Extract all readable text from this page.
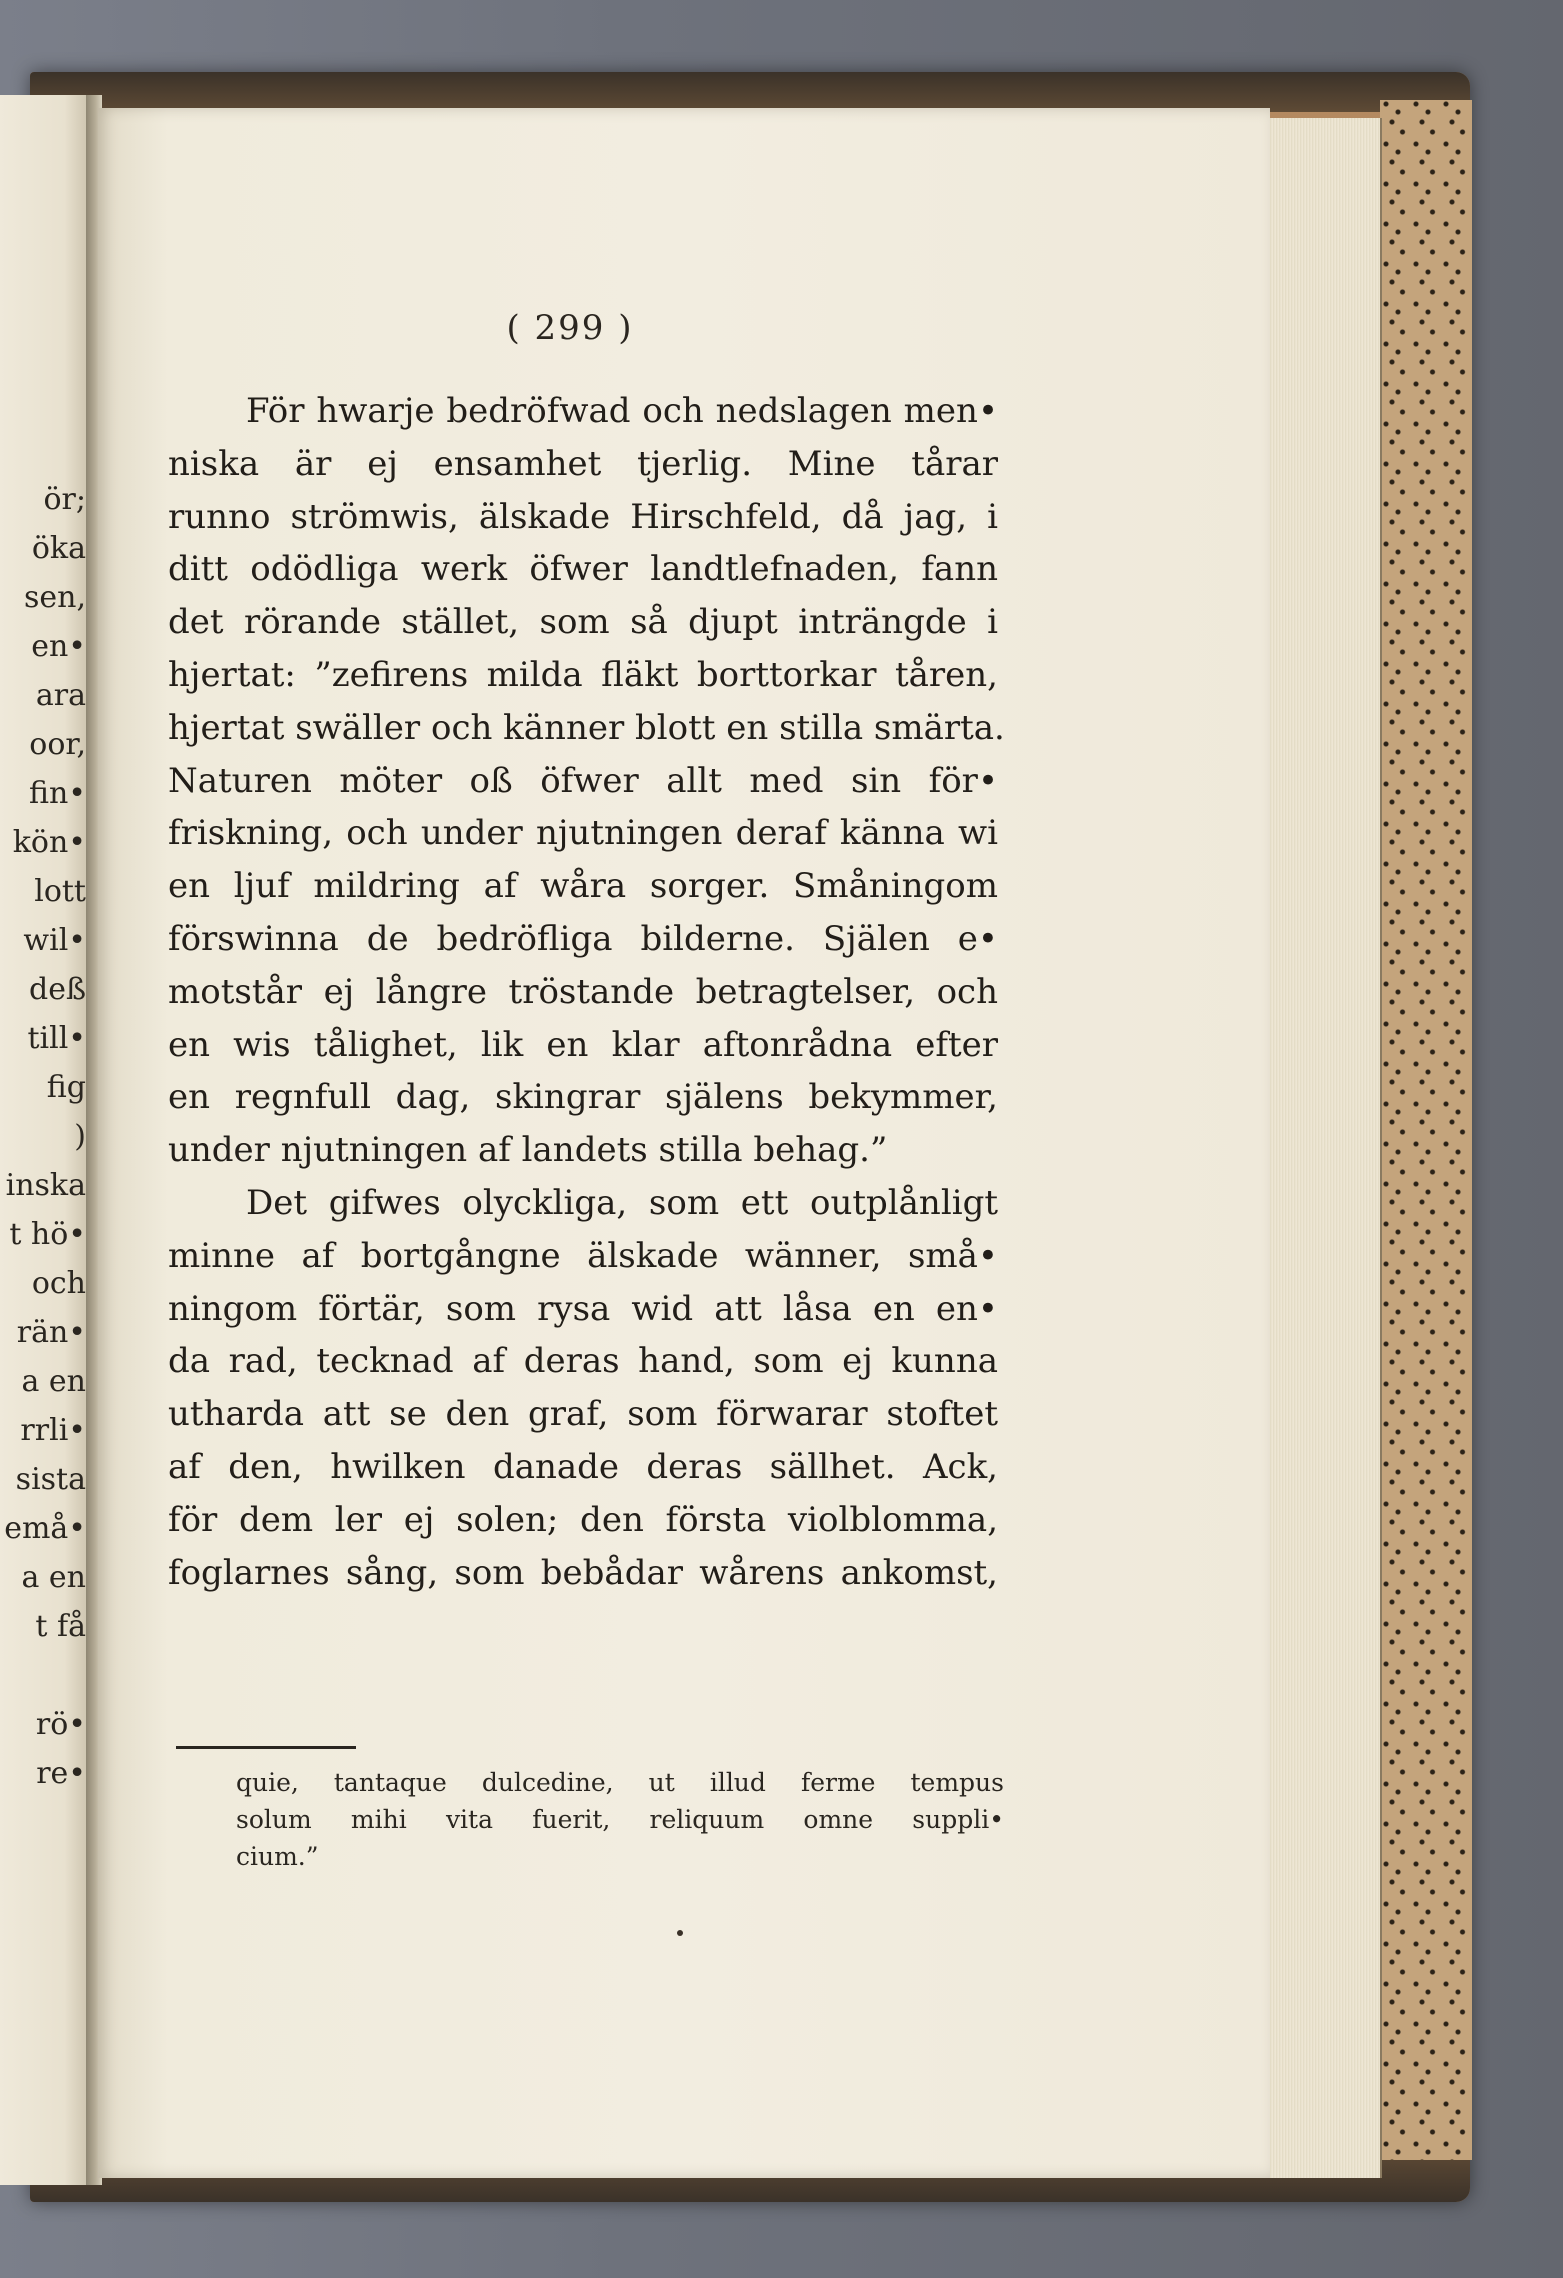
ör;
öka
sen,
en•
ara
oor,
fin•
kön•
lott
wil•
deß
till•
fig
)
inska
t hö•
och
rän•
a en
rrli•
sista
emå•
a en
t få

rö•
re•
( 299 )
För hwarje bedröfwad och nedslagen men•
niska är ej ensamhet tjerlig. Mine tårar
runno strömwis, älskade Hirschfeld, då jag, i
ditt odödliga werk öfwer landtlefnaden, fann
det rörande stället, som så djupt inträngde i
hjertat: ”zefirens milda fläkt borttorkar tåren,
hjertat swäller och känner blott en stilla smärta.
Naturen möter oß öfwer allt med sin för•
friskning, och under njutningen deraf känna wi
en ljuf mildring af wåra sorger. Småningom
förswinna de bedröfliga bilderne. Själen e•
motstår ej långre tröstande betragtelser, och
en wis tålighet, lik en klar aftonrådna efter
en regnfull dag, skingrar själens bekymmer,
under njutningen af landets stilla behag.”
Det gifwes olyckliga, som ett outplånligt
minne af bortgångne älskade wänner, små•
ningom förtär, som rysa wid att låsa en en•
da rad, tecknad af deras hand, som ej kunna
utharda att se den graf, som förwarar stoftet
af den, hwilken danade deras sällhet. Ack,
för dem ler ej solen; den första violblomma,
foglarnes sång, som bebådar wårens ankomst,
quie, tantaque dulcedine, ut illud ferme tempus
solum mihi vita fuerit, reliquum omne suppli•
cium.”
